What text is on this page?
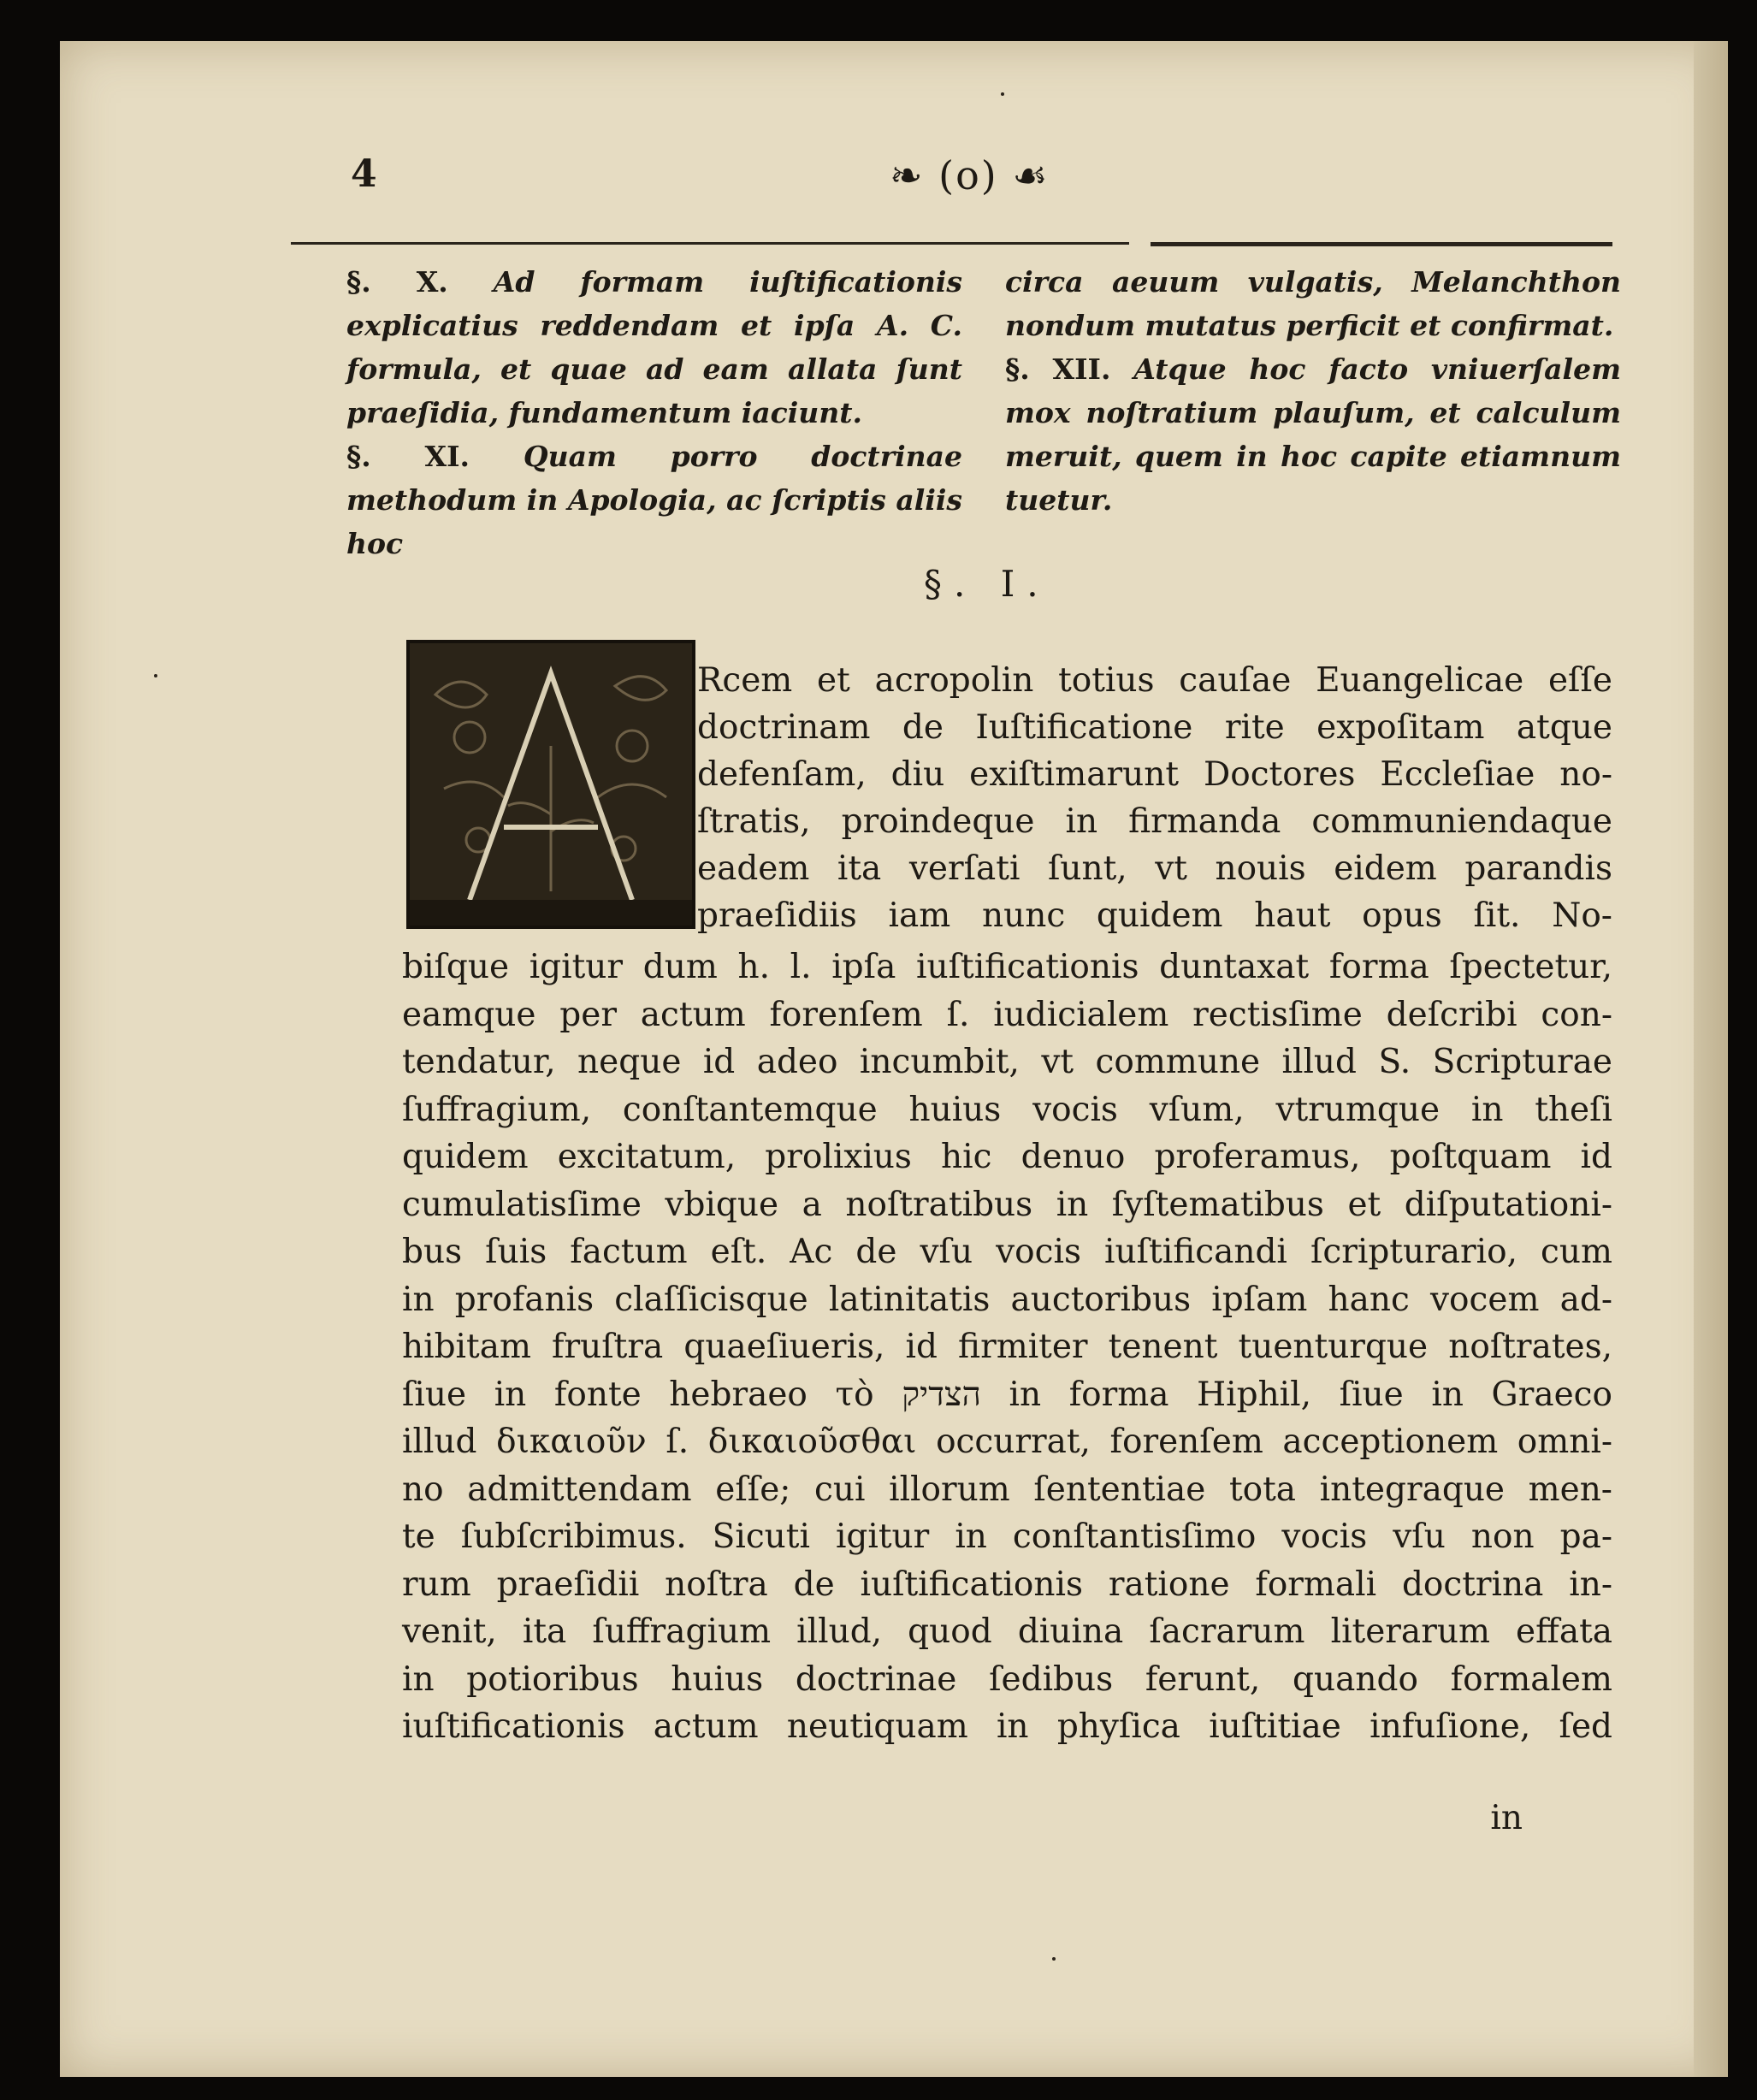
4	❧ (o) ☙

§. X. Ad formam iuſtificationis explicatius reddendam et ipſa A. C. formula, et quae ad eam allata ſunt praeſidia, fundamentum iaciunt.

§. XI. Quam porro doctrinae methodum in Apologia, ac ſcriptis aliis hoc

circa aeuum vulgatis, Melanchthon nondum mutatus perficit et confirmat.

§. XII. Atque hoc facto vniuerſalem mox noſtratium plauſum, et calculum meruit, quem in hoc capite etiamnum tuetur.

§. I.
Rcem et acropolin totius cauſae Euangelicae eſſe
doctrinam de Iuſtificatione rite expoſitam atque
defenſam, diu exiſtimarunt Doctores Eccleſiae no-
ſtratis, proindeque in firmanda communiendaque
eadem ita verſati ſunt, vt nouis eidem parandis
praeſidiis iam nunc quidem haut opus ſit. No-
biſque igitur dum h. l. ipſa iuſtificationis duntaxat forma ſpectetur,
eamque per actum forenſem ſ. iudicialem rectisſime deſcribi con-
tendatur, neque id adeo incumbit, vt commune illud S. Scripturae
ſuffragium, conſtantemque huius vocis vſum, vtrumque in theſi
quidem excitatum, prolixius hic denuo proferamus, poſtquam id
cumulatisſime vbique a noſtratibus in ſyſtematibus et diſputationi-
bus ſuis factum eſt. Ac de vſu vocis iuſtificandi ſcripturario, cum
in profanis claſſicisque latinitatis auctoribus ipſam hanc vocem ad-
hibitam fruſtra quaeſiueris, id firmiter tenent tuenturque noſtrates,
ſiue in fonte hebraeo τὸ הצדיק in forma Hiphil, ſiue in Graeco
illud δικαιοῦν ſ. δικαιοῦσθαι occurrat, forenſem acceptionem omni-
no admittendam eſſe; cui illorum ſententiae tota integraque men-
te ſubſcribimus. Sicuti igitur in conſtantisſimo vocis vſu non pa-
rum praeſidii noſtra de iuſtificationis ratione formali doctrina in-
venit, ita ſuffragium illud, quod diuina ſacrarum literarum effata
in potioribus huius doctrinae ſedibus ferunt, quando formalem
iuſtificationis actum neutiquam in phyſica iuſtitiae infuſione, ſed
in
